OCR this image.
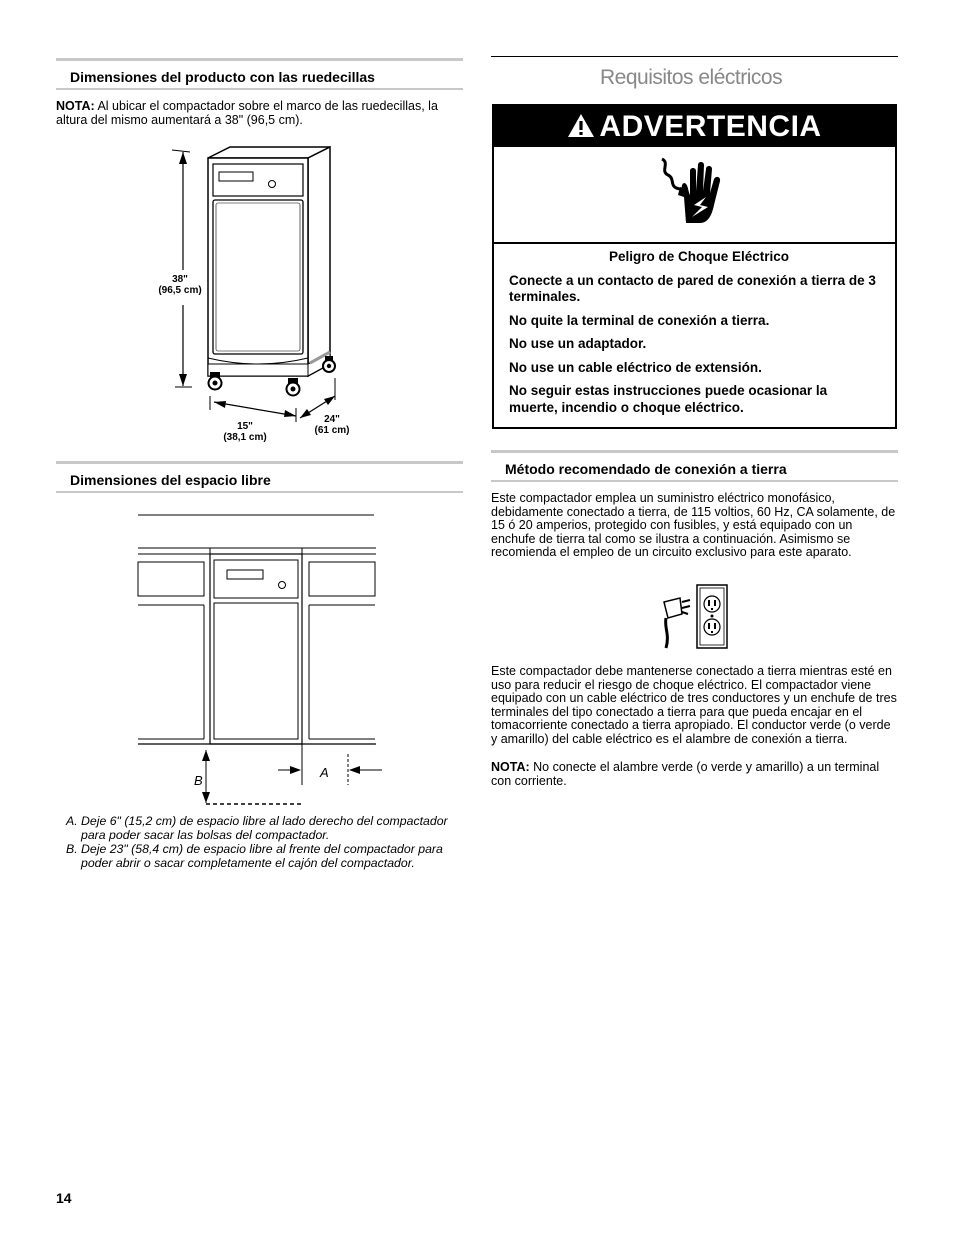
Dimensiones del producto con las ruedecillas
NOTA: Al ubicar el compactador sobre el marco de las ruedecillas, la altura del mismo aumentará a 38" (96,5 cm).
38"
(96,5 cm)
15"
(38,1 cm)
24"
(61 cm)
Dimensiones del espacio libre
B
A
A. Deje 6" (15,2 cm) de espacio libre al lado derecho del compactador para poder sacar las bolsas del compactador.
B. Deje 23" (58,4 cm) de espacio libre al frente del compactador para poder abrir o sacar completamente el cajón del compactador.
Requisitos eléctricos
ADVERTENCIA
Peligro de Choque Eléctrico
Conecte a un contacto de pared de conexión a tierra de 3 terminales.
No quite la terminal de conexión a tierra.
No use un adaptador.
No use un cable eléctrico de extensión.
No seguir estas instrucciones puede ocasionar la muerte, incendio o choque eléctrico.
Método recomendado de conexión a tierra
Este compactador emplea un suministro eléctrico monofásico, debidamente conectado a tierra, de 115 voltios, 60 Hz, CA solamente, de 15 ó 20 amperios, protegido con fusibles, y está equipado con un enchufe de tierra tal como se ilustra a continuación. Asimismo se recomienda el empleo de un circuito exclusivo para este aparato.
Este compactador debe mantenerse conectado a tierra mientras esté en uso para reducir el riesgo de choque eléctrico. El compactador viene equipado con un cable eléctrico de tres conductores y un enchufe de tres terminales del tipo conectado a tierra para que pueda encajar en el tomacorriente conectado a tierra apropiado. El conductor verde (o verde y amarillo) del cable eléctrico es el alambre de conexión a tierra.
NOTA: No conecte el alambre verde (o verde y amarillo) a un terminal con corriente.
14
